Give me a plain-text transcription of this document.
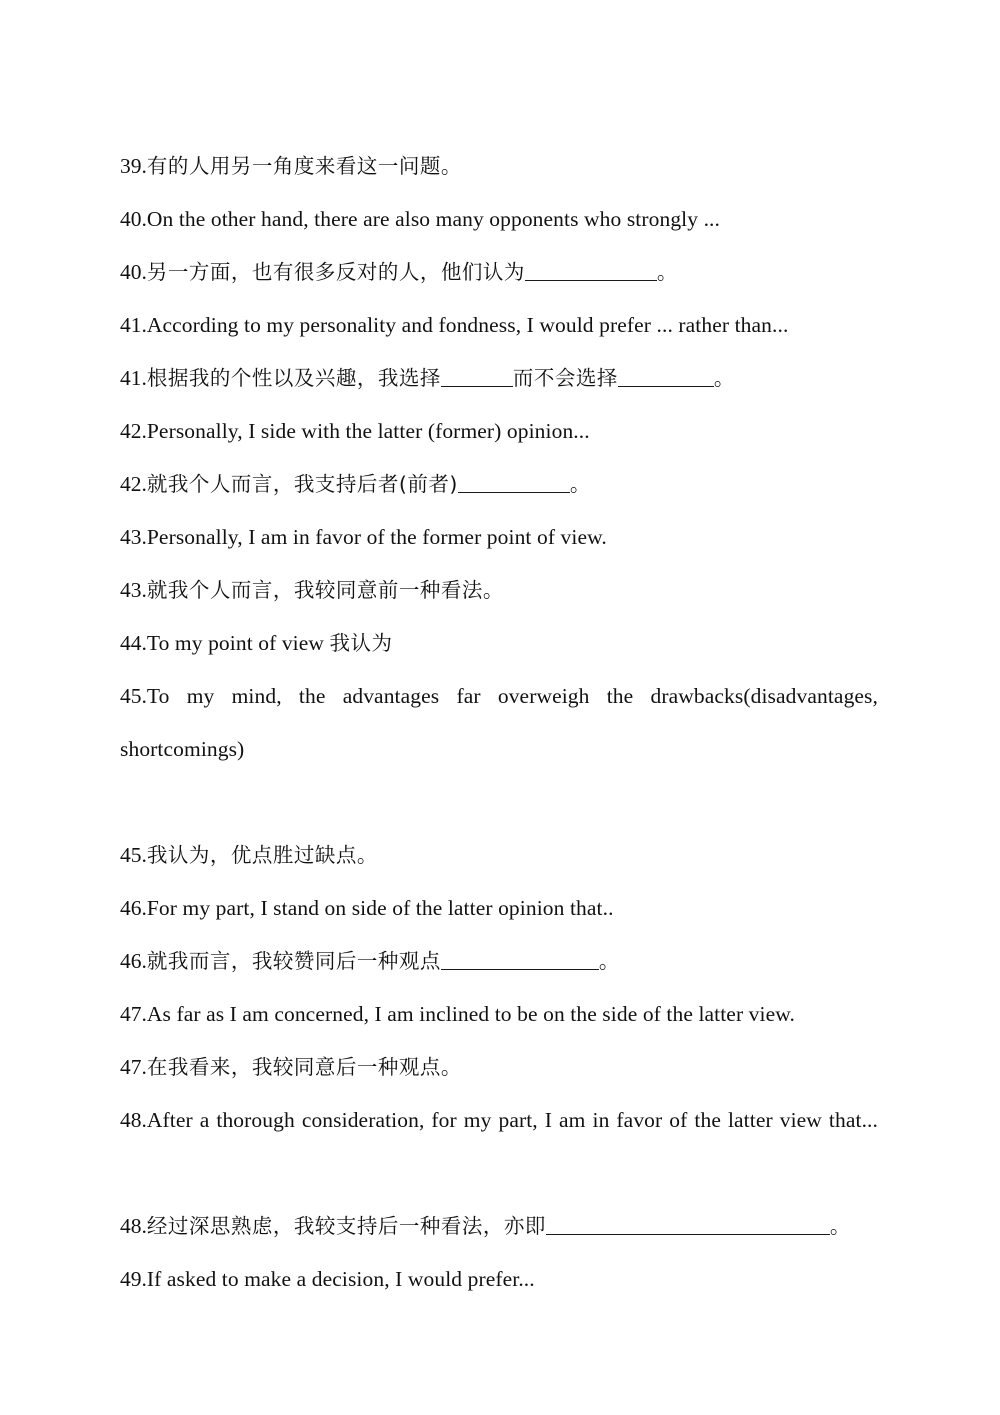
39.有的人用另一角度来看这一问题。

40.On the other hand, there are also many opponents who strongly ...

40.另一方面，也有很多反对的人，他们认为	。

41.According to my personality and fondness, I would prefer ... rather than...

41.根据我的个性以及兴趣，我选择	而不会选择	。

42.Personally, I side with the latter (former) opinion...

42.就我个人而言，我支持后者(前者)	。

43.Personally, I am in favor of the former point of view.

43.就我个人而言，我较同意前一种看法。

44.To my point of view 我认为

45.To my mind, the advantages far overweigh the drawbacks(disadvantages, shortcomings)

45.我认为，优点胜过缺点。

46.For my part, I stand on side of the latter opinion that..

46.就我而言，我较赞同后一种观点	。

47.As far as I am concerned, I am inclined to be on the side of the latter view.

47.在我看来，我较同意后一种观点。

48.After a thorough consideration, for my part, I am in favor of the latter view that...

48.经过深思熟虑，我较支持后一种看法，亦即	。

49.If asked to make a decision, I would prefer...
